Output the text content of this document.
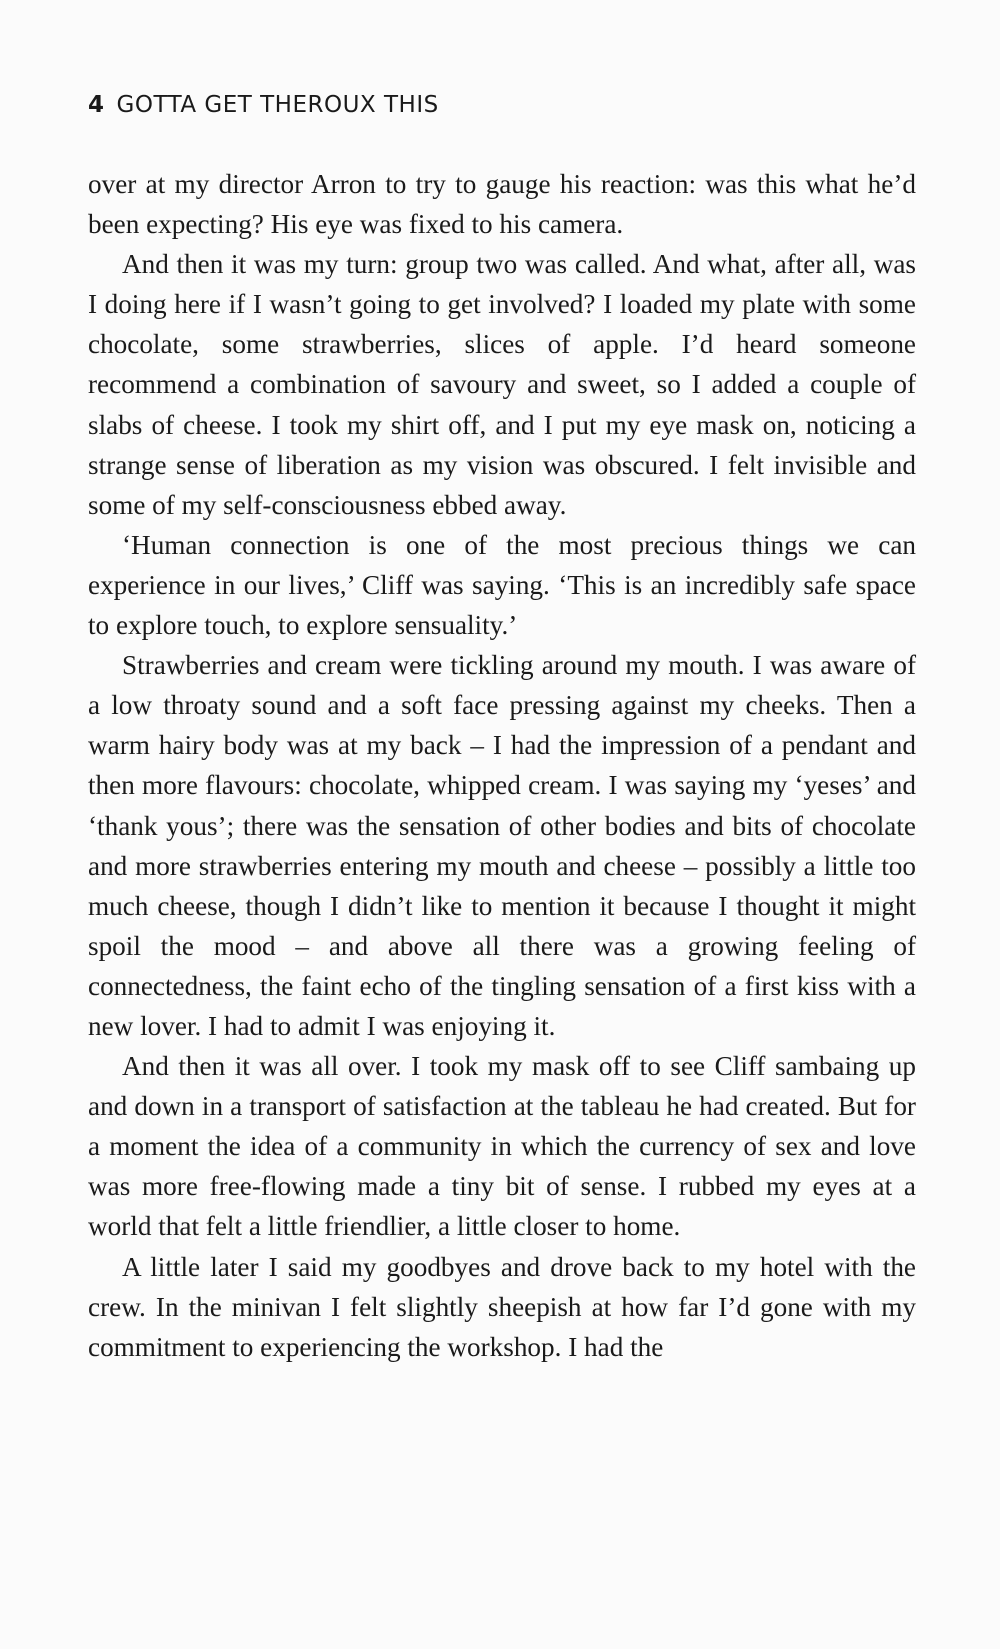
4 GOTTA GET THEROUX THIS

over at my director Arron to try to gauge his reaction: was this what he’d been expecting? His eye was fixed to his camera.

And then it was my turn: group two was called. And what, after all, was I doing here if I wasn’t going to get involved? I loaded my plate with some chocolate, some strawberries, slices of apple. I’d heard someone recommend a combination of savoury and sweet, so I added a couple of slabs of cheese. I took my shirt off, and I put my eye mask on, noticing a strange sense of liberation as my vision was obscured. I felt invisible and some of my self-consciousness ebbed away.

‘Human connection is one of the most precious things we can experience in our lives,’ Cliff was saying. ‘This is an incredibly safe space to explore touch, to explore sensuality.’

Strawberries and cream were tickling around my mouth. I was aware of a low throaty sound and a soft face pressing against my cheeks. Then a warm hairy body was at my back – I had the impression of a pendant and then more flavours: chocolate, whipped cream. I was saying my ‘yeses’ and ‘thank yous’; there was the sensation of other bodies and bits of chocolate and more strawberries entering my mouth and cheese – possibly a little too much cheese, though I didn’t like to mention it because I thought it might spoil the mood – and above all there was a growing feeling of connectedness, the faint echo of the tingling sensation of a first kiss with a new lover. I had to admit I was enjoying it.

And then it was all over. I took my mask off to see Cliff sambaing up and down in a transport of satisfaction at the tableau he had created. But for a moment the idea of a community in which the currency of sex and love was more free-flowing made a tiny bit of sense. I rubbed my eyes at a world that felt a little friendlier, a little closer to home.

A little later I said my goodbyes and drove back to my hotel with the crew. In the minivan I felt slightly sheepish at how far I’d gone with my commitment to experiencing the workshop. I had the
